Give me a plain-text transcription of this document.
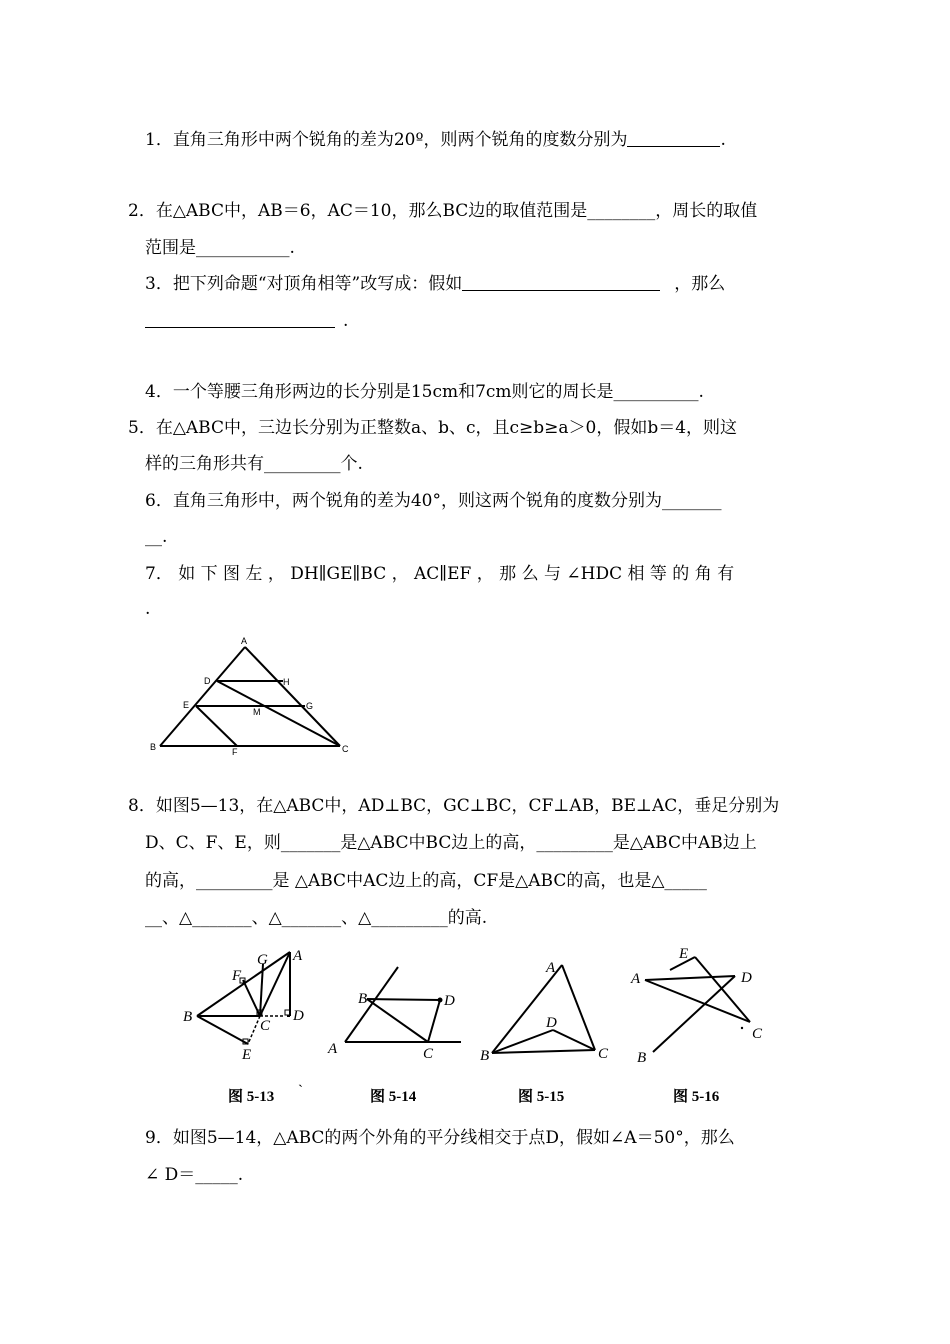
1．直角三角形中两个锐角的差为20º，则两个锐角的度数分别为	.
2．在△ABC中，AB＝6，AC＝10，那么BC边的取值范围是________，周长的取值
范围是___________.
3．把下列命题“对顶角相等”改写成：假如	，那么
.
4．一个等腰三角形两边的长分别是15cm和7cm则它的周长是__________.
5．在△ABC中，三边长分别为正整数a、b、c，且c≥b≥a＞0，假如b＝4，则这
样的三角形共有_________个.
6．直角三角形中，两个锐角的差为40°，则这两个锐角的度数分别为_______
__.
7． 如 下 图 左 ， DH∥GE∥BC ， AC∥EF ， 那 么 与 ∠HDC 相 等 的 角 有
.
A
D	H
E
M
G
B	F	C
8．如图5—13，在△ABC中，AD⊥BC，GC⊥BC，CF⊥AB，BE⊥AC，垂足分别为
D、C、F、E，则_______是△ABC中BC边上的高，_________是△ABC中AB边上
的高，_________是 △ABC中AC边上的高，CF是△ABC的高，也是△_____
__、△_______、△_______、△_________的高.
G A
F
B
C
D
E
图 5-13 `
B	D
A	C
图 5-14
A
D
B	C
图 5-15
E
A	D
C
B
图 5-16
9．如图5—14，△ABC的两个外角的平分线相交于点D，假如∠A＝50°，那么
∠ D＝_____.
